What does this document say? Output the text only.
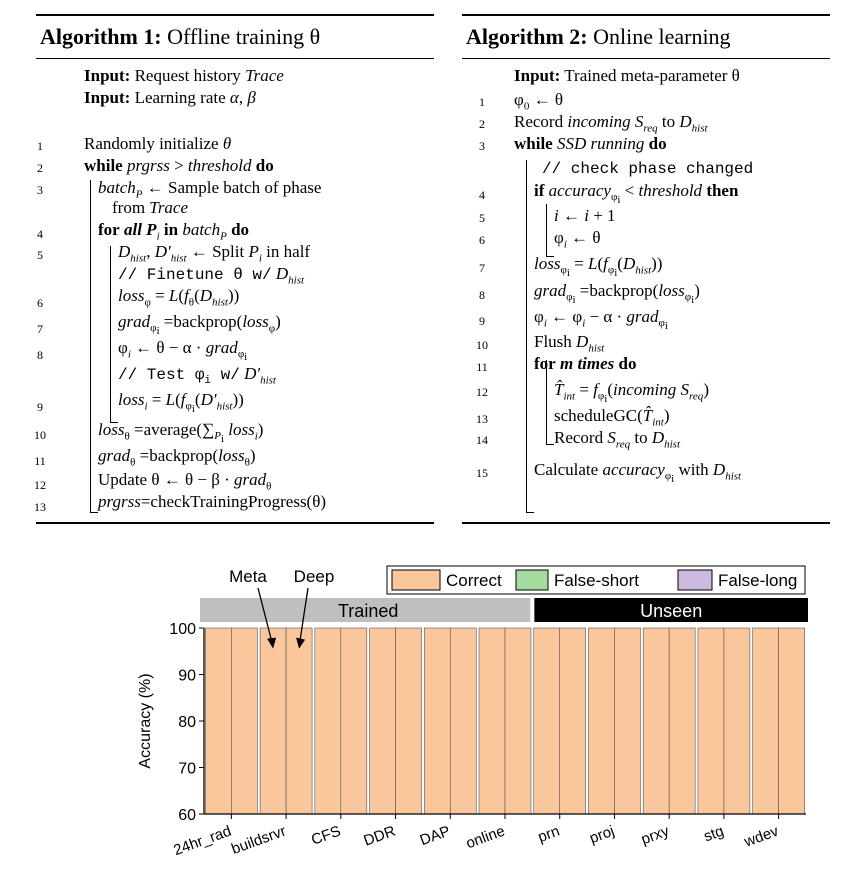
Algorithm 1: Offline training θ
1
2
3
4
5
6
7
8
9
10
11
12
13
Input: Request history Trace
Input: Learning rate α, β
Randomly initialize θ
while prgrss > threshold do
batch$_P$ ← Sample batch of phase
from Trace
for all $P_i$ in batch$_P$ do
$D_{hist}$, $D'_{hist}$ ← Split $P_i$ in half
// Finetune θ w/ $D_{hist}$
loss$_\varphi$ = $L(f_\theta(D_{hist}))$
grad$_{\varphi_i}$ =backprop(loss$_\varphi$)
$\varphi_i$ ← θ − α · grad$_{\varphi_i}$
// Test $\varphi_i$ w/ $D'_{hist}$
loss$_i$ = $L(f_{\varphi_i}(D'_{hist}))$
loss$_\theta$ $=average(\sum_{P_i}$ loss$_i$)
grad$_\theta$ =backprop(loss$_\theta$)
Update θ ← θ − β · grad$_\theta$
prgrss=checkTrainingProgress(θ)
Algorithm 2: Online learning
1
2
3
4
5
6
7
8
9
10
11
12
13
14
15
Input: Trained meta-parameter θ
$\varphi_0$ ← θ
Record incoming $S_{req}$ to $D_{hist}$
while SSD running do
// check phase changed
if accuracy$_{\varphi_i}$ < threshold then
i ← i + 1
$\varphi_i$ ← θ
loss$_{\varphi_i}$ = $L(f_{\varphi_i}(D_{hist}))$
grad$_{\varphi_i}$ =backprop(loss$_{\varphi_i}$)
$\varphi_i$ ← $\varphi_i - \alpha$ · grad$_{\varphi_i}$
Flush $D_{hist}$
for m times do
$T̂_{int}$ = $f_{\varphi_i}(incoming$ $S_{req}$)
$scheduleGC(T̂_{int})$
Record $S_{req}$ to $D_{hist}$
Calculate accuracy$_{\varphi_i}$ with $D_{hist}$
Correct	False-short	False-long
Trained	Unseen
24hr_rad
buildsrvr CFS DDR DAP online prn proj prxy stg wdev
60
70
80
90
100
Accuracy (%)
Meta Deep
